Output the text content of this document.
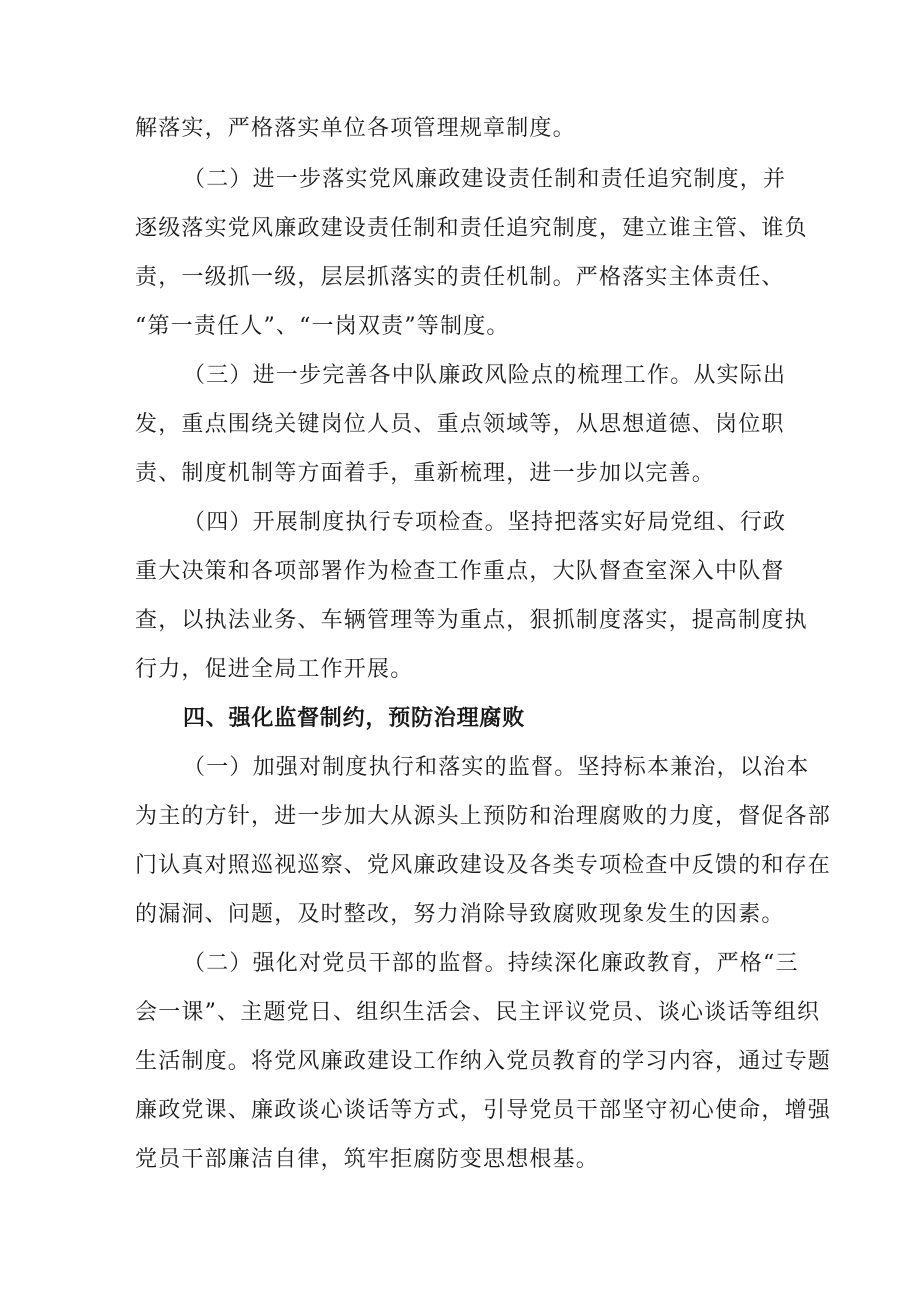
解落实，严格落实单位各项管理规章制度。
（二）进一步落实党风廉政建设责任制和责任追究制度，并
逐级落实党风廉政建设责任制和责任追究制度，建立谁主管、谁负
责，一级抓一级，层层抓落实的责任机制。严格落实主体责任、
“第一责任人”、“一岗双责”等制度。
（三）进一步完善各中队廉政风险点的梳理工作。从实际出
发，重点围绕关键岗位人员、重点领域等，从思想道德、岗位职
责、制度机制等方面着手，重新梳理，进一步加以完善。
（四）开展制度执行专项检查。坚持把落实好局党组、行政
重大决策和各项部署作为检查工作重点，大队督查室深入中队督
查，以执法业务、车辆管理等为重点，狠抓制度落实，提高制度执
行力，促进全局工作开展。
四、强化监督制约，预防治理腐败
（一）加强对制度执行和落实的监督。坚持标本兼治，以治本
为主的方针，进一步加大从源头上预防和治理腐败的力度，督促各部
门认真对照巡视巡察、党风廉政建设及各类专项检查中反馈的和存在
的漏洞、问题，及时整改，努力消除导致腐败现象发生的因素。
（二）强化对党员干部的监督。持续深化廉政教育，严格“三
会一课”、主题党日、组织生活会、民主评议党员、谈心谈话等组织
生活制度。将党风廉政建设工作纳入党员教育的学习内容，通过专题
廉政党课、廉政谈心谈话等方式，引导党员干部坚守初心使命，增强
党员干部廉洁自律，筑牢拒腐防变思想根基。
